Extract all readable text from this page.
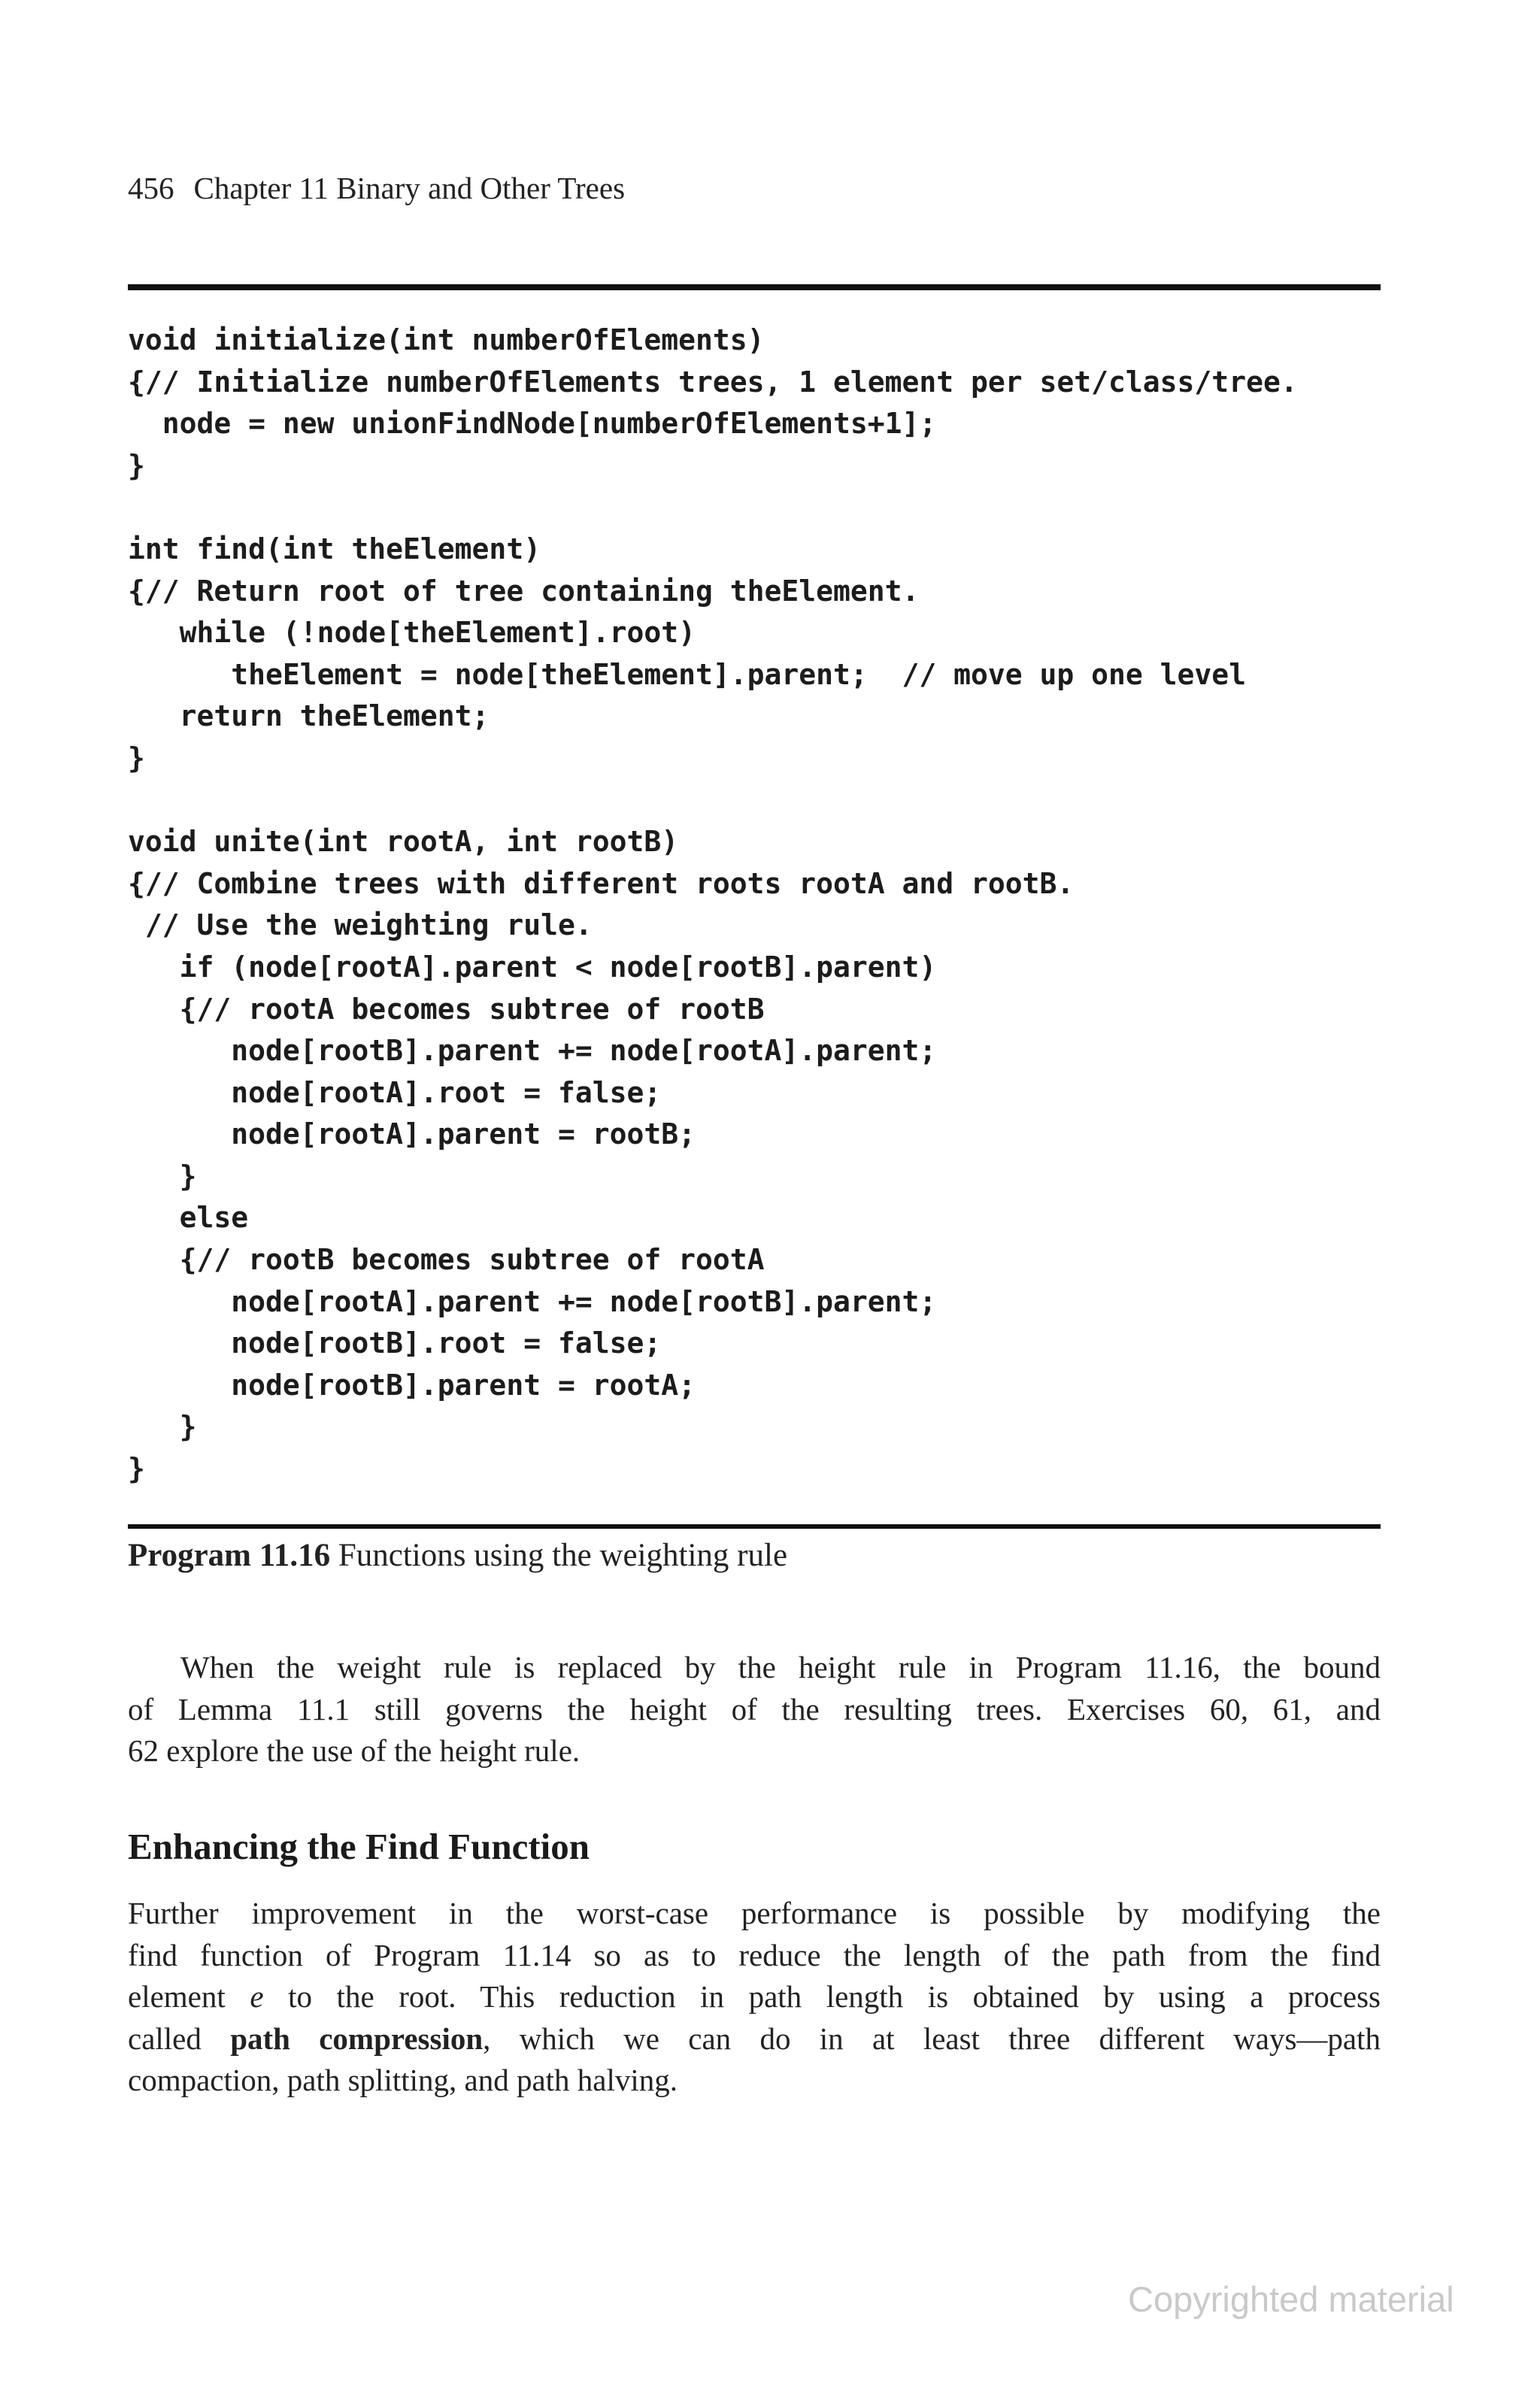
456 Chapter 11 Binary and Other Trees
void initialize(int numberOfElements)
{// Initialize numberOfElements trees, 1 element per set/class/tree.
node = new unionFindNode[numberOfElements+1];
}
int find(int theElement)
{// Return root of tree containing theElement.
while (!node[theElement].root)
theElement = node[theElement].parent;  // move up one level
return theElement;
}
void unite(int rootA, int rootB)
{// Combine trees with different roots rootA and rootB.
// Use the weighting rule.
if (node[rootA].parent < node[rootB].parent)
{// rootA becomes subtree of rootB
node[rootB].parent += node[rootA].parent;
node[rootA].root = false;
node[rootA].parent = rootB;
}
else
{// rootB becomes subtree of rootA
node[rootA].parent += node[rootB].parent;
node[rootB].root = false;
node[rootB].parent = rootA;
}
}
Program 11.16 Functions using the weighting rule
When the weight rule is replaced by the height rule in Program 11.16, the bound
of Lemma 11.1 still governs the height of the resulting trees. Exercises 60, 61, and
62 explore the use of the height rule.
Enhancing the Find Function
Further improvement in the worst-case performance is possible by modifying the
find function of Program 11.14 so as to reduce the length of the path from the find
element e to the root. This reduction in path length is obtained by using a process
called path compression, which we can do in at least three different ways—path
compaction, path splitting, and path halving.
Copyrighted material
